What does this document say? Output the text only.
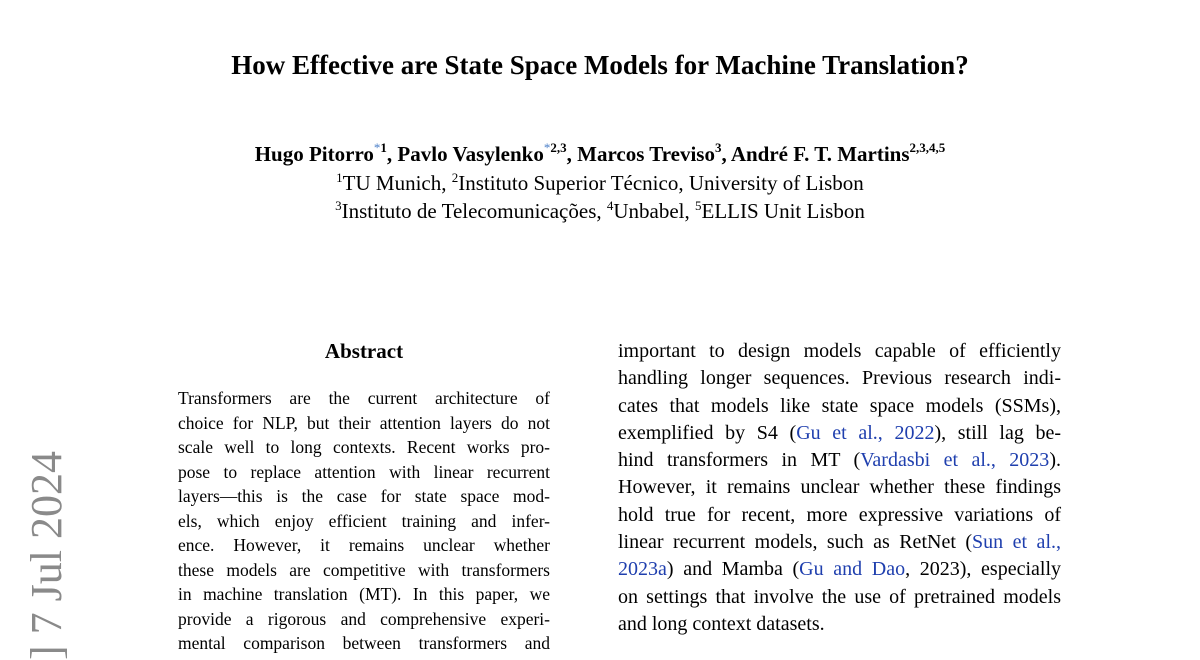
] 7 Jul 2024
How Effective are State Space Models for Machine Translation?
Hugo Pitorro$^{*1}$, Pavlo Vasylenko$^{*2,3}$, Marcos Treviso$^3$, André F. T. Martins$^{2,3,4,5}$
$^1$TU Munich, $^2$Instituto Superior Técnico, University of Lisbon
$^3$Instituto de Telecomunicações, $^4$Unbabel, $^5$ELLIS Unit Lisbon
Abstract
Transformers are the current architecture of
choice for NLP, but their attention layers do not
scale well to long contexts. Recent works pro-
pose to replace attention with linear recurrent
layers—this is the case for state space mod-
els, which enjoy efficient training and infer-
ence. However, it remains unclear whether
these models are competitive with transformers
in machine translation (MT). In this paper, we
provide a rigorous and comprehensive experi-
mental comparison between transformers and
important to design models capable of efficiently
handling longer sequences. Previous research indi-
cates that models like state space models (SSMs),
exemplified by S4 (Gu et al., 2022), still lag be-
hind transformers in MT (Vardasbi et al., 2023).
However, it remains unclear whether these findings
hold true for recent, more expressive variations of
linear recurrent models, such as RetNet (Sun et al.,
2023a) and Mamba (Gu and Dao, 2023), especially
on settings that involve the use of pretrained models
and long context datasets.
